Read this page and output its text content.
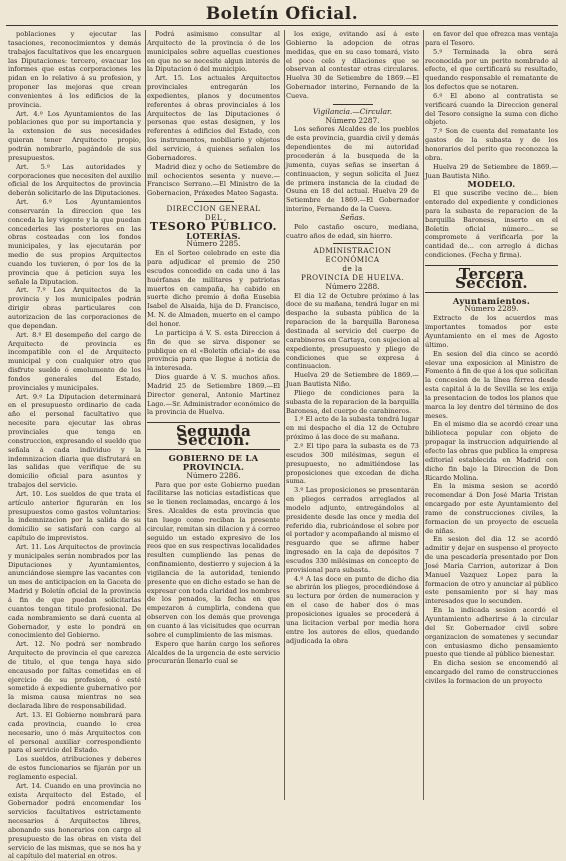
Boletín Oficial.

poblaciones y ejecutar las tasaciones, reconocimientos y demás trabajos facultativos que les encarguen las Diputaciones: tercero, evacuar los informes que estas corporaciones les pidan en lo relativo á su profesion, y proponer las mejoras que crean convenientes á los edificios de la provincia.

Art. 4.º Los Ayuntamientos de las poblaciones que por su importancia y la extension de sus necesidades quieran tener Arquitecto propio, podrán nombrarlo, pagándole de sus presupuestos.

Art. 5.º Las autoridades y corporaciones que necesiten del auxilio oficial de los Arquitectos de provincia deberán solicitarlo de las Diputaciones.

Art. 6.º Los Ayuntamientos conservarán la direccion que les conceda la ley vigente y la que puedan concederles las posteriores en las obras costeadas con los fondos municipales, y las ejecutarán por medio de sus propios Arquitectos cuando los tuvieren, ó por los de la provincia que á peticion suya les señale la Diputacion.

Art. 7.º Los Arquitectos de la provincia y los municipales podrán dirigir obras particulares con autorizacion de las corporaciones de que dependan.

Art. 8.º El desempeño del cargo de Arquitecto de provincia es incompatible con el de Arquitecto municipal y con cualquier otro que disfrute sueldo ó emolumento de los fondos generales del Estado, provinciales y municipales.

Art. 9.º La Diputacion determinará en el presupuesto ordinario de cada año el personal facultativo que necesite para ejecutar las obras provinciales que tenga en construccion, expresando el sueldo que señala á cada individuo y la indemnizacion diaria que disfrutará en las salidas que verifique de su domicilio oficial para asuntos y trabajos del servicio.

Art. 10. Los sueldos de que trata el artículo anterior figurarán en los presupuestos como gastos voluntarios: la indemnizacion por la salida de su domicilio se satisfará con cargo al capítulo de imprevistos.

Art. 11. Los Arquitectos de provincia y municipales serán nombrados por las Diputaciones y Ayuntamientos, anunciándose siempre las vacantes con un mes de anticipacion en la Gaceta de Madrid y Boletín oficial de la provincia á fin de que puedan solicitarlas cuantos tengan titulo profesional. De cada nombramiento se dará cuenta al Gobernador, y este lo pondrá en conocimiento del Gobierno.

Art. 12. No podrá ser nombrado Arquitecto de provincia el que carezca de titulo, el que tenga haya sido encausado por faltas cometidas en el ejercicio de su profesion, ó esté sometido á expediente gubernativo por la misma causa mientras no sea declarada libre de responsabilidad.

Art. 13. El Gobierno nombrará para cada provincia, cuando lo crea necesario, uno ó más Arquitectos con el personal auxiliar correspondiente para el servicio del Estado.

Los sueldos, atribuciones y deberes de estos funcionarios se fijarán por un reglamento especial.

Art. 14. Cuando en una provincia no exista Arquitecto del Estado, el Gobernador podrá encomendar los servicios facultativos estrictamente necesarios á Arquitectos libres, abonando sus honorarios con cargo al presupuesto de las obras en vista del servicio de las mismas, que se nos ha y al capítulo del material en otros.

Podrá asimismo consultar al Arquitecto de la provincia ó de los municipales sobre aquellas cuestiones en que no se necesite algun interés de la Diputacion ó del municipio.

Art. 15. Los actuales Arquitectos provinciales entregarán los expedientes, planos y documentos referentes á obras provinciales á los Arquitectos de las Diputaciones ó personas que estas designen, y los referentes á edificios del Estado, con los instrumentos, mobiliario y objetos del servicio, á quienes señalen los Gobernadores.

Madrid diez y ocho de Setiembre de mil ochocientos sesenta y nueve.—Francisco Serrano.—El Ministro de la Gobernacion, Práxedes Mateo Sagasta.

DIRECCION GENERAL

DEL

TESORO PÚBLICO.

LOTERÍAS.

Número 2285.

En el Sorteo celebrado en este dia para adjudicar el premio de 250 escudos concedido en cada uno á las huérfanas de militares y patriotas muertos en campaña, ha cabido en suerte dicho premio á doña Eusebia Isabel de Alsaida, hija de D. Francisco, M. N. de Almaden, muerto en el campo del honor.

Lo participa á V. S. esta Direccion á fin de que se sirva disponer se publique en el «Boletín oficial» de esa provincia para que llegue á noticia de la interesada.

Dios guarde á V. S. muchos años. Madrid 25 de Setiembre 1869.—El Director general, Antonio Martinez Lago.—Sr. Administrador económico de la provincia de Huelva.

Segunda Seccion.

GOBIERNO DE LA PROVINCIA.

Número 2286.

Para que por este Gobierno puedan facilitarse las noticias estadísticas que se le tienen reclamadas, encargo á los Sres. Alcaldes de esta provincia que tan luego como reciban la presente circular, remitan sin dilacion y á correo seguido un estado expresivo de los reos que en sus respectivas localidades resulten cumpliendo las penas de confinamiento, destierro y sujecion á la vigilancia de la autoridad, teniendo presente que en dicho estado se han de expresar con toda claridad los nombres de los penados, la fecha en que empezaron á cumplirla, condena que observen con los demás que provenga en cuanto á las vicisitudes que ocurran sobre el cumplimiento de las mismas.

Espero que harán cargo los señores Alcaldes de la urgencia de este servicio procurarán llenarlo cual se

los exige, evitando así á este Gobierno la adopcion de otras medidas, que en su caso tomará, visto el poco celo y dilaciones que se observan al contestar otras circulares. Huelva 30 de Setiembre de 1869.—El Gobernador interino, Fernando de la Cueva.

Vigilancia.—Circular.

Número 2287.

Los señores Alcaldes de los pueblos de esta provincia, guardia civil y demás dependientes de mi autoridad procederán á la busqueda de la jumenta, cuyas señas se insertan á continuacion, y segun solicita el Juez de primera instancia de la ciudad de Osuna en 18 del actual. Huelva 29 de Setiembre de 1869.—El Gobernador interino, Fernando de la Cueva.

Señas.

Pelo castaño oscuro, mediana, cuatro años de edad, sin hierro.

ADMINISTRACION ECONÓMICA

de la

PROVINCIA DE HUELVA.

Número 2288.

El dia 12 de Octubre próximo á las doce de su mañana, tendrá lugar en mi despacho la subasta pública de la reparacion de la barquilla Baronesa destinada al servicio del cuerpo de carabineros en Cartaya, con sujecion al expediente, presupuesto y pliego de condiciones que se expresa á continuacion.

Huelva 29 de Setiembre de 1869.—Juan Bautista Niño.

Pliego de condiciones para la subasta de la reparacion de la barquilla Baronesa, del cuerpo de carabineros.

1.º El acto de la subasta tendrá lugar en mi despacho el dia 12 de Octubre próximo á las doce de su mañana.

2.º El tipo para la subasta es de 73 escudos 300 milésimas, segun el presupuesto, no admitiéndose las proposiciones que excedan de dicha suma.

3.º Las proposiciones se presentarán en pliegos cerrados arreglados al modelo adjunto, entregándolos al presidente desde las once y media del referido dia, rubricándose el sobre por el portador y acompañando al mismo el resguardo que se afirme haber ingresado en la caja de depósitos 7 escudos 330 milésimas en concepto de provisional para subasta.

4.º A las doce en punto de dicho dia se abrirán los pliegos, procediéndose á su lectura por órden de numeracion y en el caso de haber dos ó mas proposiciones iguales se procederá á una licitacion verbal por media hora entre los autores de ellos, quedando adjudicada la obra

en favor del que ofrezca mas ventaja para el Tesoro.

5.º Terminada la obra será reconocida por un perito nombrado al efecto, el que certificará su resultado, quedando responsable el rematante de los defectos que se notaren.

6.º El abono al contratista se verificará cuando la Direccion general del Tesoro consigne la suma con dicho objeto.

7.º Son de cuenta del rematante los gastos de la subasta y de los honorarios del perito que reconozca la obra.

Huelva 29 de Setiembre de 1869.—Juan Bautista Niño.

MODELO.

El que suscribe vecino de... bien enterado del expediente y condiciones para la subasta de reparacion de la barquilla Baronesa, inserto en el Boletín oficial número... se compromete á verificarla por la cantidad de... con arreglo á dichas condiciones. (Fecha y firma).

Tercera Seccion.

Ayuntamientos.

Número 2289.

Extracto de los acuerdos mas importantes tomados por este Ayuntamiento en el mes de Agosto último.

En sesion del dia cinco se acordó elevar una exposicion al Ministro de Fomento á fin de que á los que solicitan la concesion de la línea férrea desde esta capital á la de Sevilla se les exija la presentacion de todos los planos que marca la ley dentro del término de dos meses.

En el mismo dia se acordó crear una biblioteca popular con objeto de propagar la instruccion adquiriendo al efecto las obras que publica la empresa editorial establecida en Madrid con dicho fin bajo la Direccion de Don Ricardo Molina.

En la misma sesion se acordó recomendar á Don José Maria Tristan encargado por este Ayuntamiento del ramo de construcciones civiles, la formacion de un proyecto de escuela de niñas.

En sesion del dia 12 se acordó admitir y dejar en suspenso el proyecto de una pescadería presentado por Don José María Carrion, autorizar á Don Manuel Vazquez Lopez para la formacion de otro y anunciar al público este pensamiento por si hay mas interesados que lo secunden.

En la indicada sesion acordó el Ayuntamiento adherirse á la circular del Sr. Gobernador civil sobre organizacion de somatenes y secundar con entusiasmo dicho pensamiento puesto que tiende al público bienestar.

En dicha sesion se encomendó al encargado del ramo de construcciones civiles la formacion de un proyecto
